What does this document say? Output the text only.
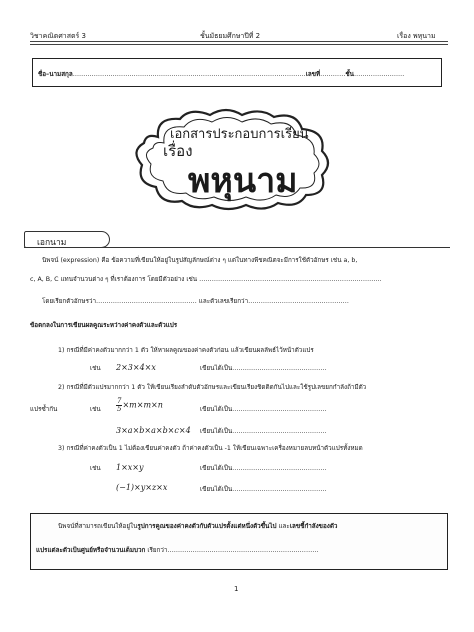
วิชาคณิตศาสตร์ 3	ชั้นมัธยมศึกษาปีที่ 2	เรื่อง พหุนาม
ชื่อ–นามสกุล…………………………………………………………………………………………………เลขที่…………ชั้น……………………
เอกสารประกอบการเรียน
เรื่อง
พหุนาม
เอกนาม
นิพจน์ (expression) คือ ข้อความที่เขียนให้อยู่ในรูปสัญลักษณ์ต่าง ๆ แต่ในทางพีชคณิตจะมีการใช้ตัวอักษร เช่น a, b,
c, A, B, C แทนจำนวนต่าง ๆ ที่เราต้องการ โดยมีตัวอย่าง เช่น ……………………………………………………………………………
โดยเรียกตัวอักษรว่า………………………………………… และตัวเลขเรียกว่า…………………………………………
ข้อตกลงในการเขียนผลคูณระหว่างค่าคงตัวและตัวแปร
1) กรณีที่มีค่าคงตัวมากกว่า 1 ตัว ให้หาผลคูณของค่าคงตัวก่อน แล้วเขียนผลลัพธ์ไว้หน้าตัวแปร
เช่น 2×3×4×x	เขียนได้เป็น………………………………………
2) กรณีที่มีตัวแปรมากกว่า 1 ตัว ให้เขียนเรียงลำดับตัวอักษรและเขียนเรียงชิดติดกันไปและใช้รูปเลขยกกำลังถ้ามีตัว
แปรซ้ำกัน	เช่น $\frac{7}{5} \times m\times m\times n$	เขียนได้เป็น………………………………………
3×a×b×a×b×c×4 เขียนได้เป็น………………………………………
3) กรณีที่ค่าคงตัวเป็น 1 ไม่ต้องเขียนค่าคงตัว ถ้าค่าคงตัวเป็น -1 ให้เขียนเฉพาะเครื่องหมายลบหน้าตัวแปรทั้งหมด
เช่น 1×x×y	เขียนได้เป็น………………………………………
(−1)×y×z×x	เขียนได้เป็น………………………………………
นิพจน์ที่สามารถเขียนให้อยู่ในรูปการคูณของค่าคงตัวกับตัวแปรตั้งแต่หนึ่งตัวขึ้นไป และเลขชี้กำลังของตัว
แปรแต่ละตัวเป็นศูนย์หรือจำนวนเต็มบวก เรียกว่า………………………………………………………………
1
